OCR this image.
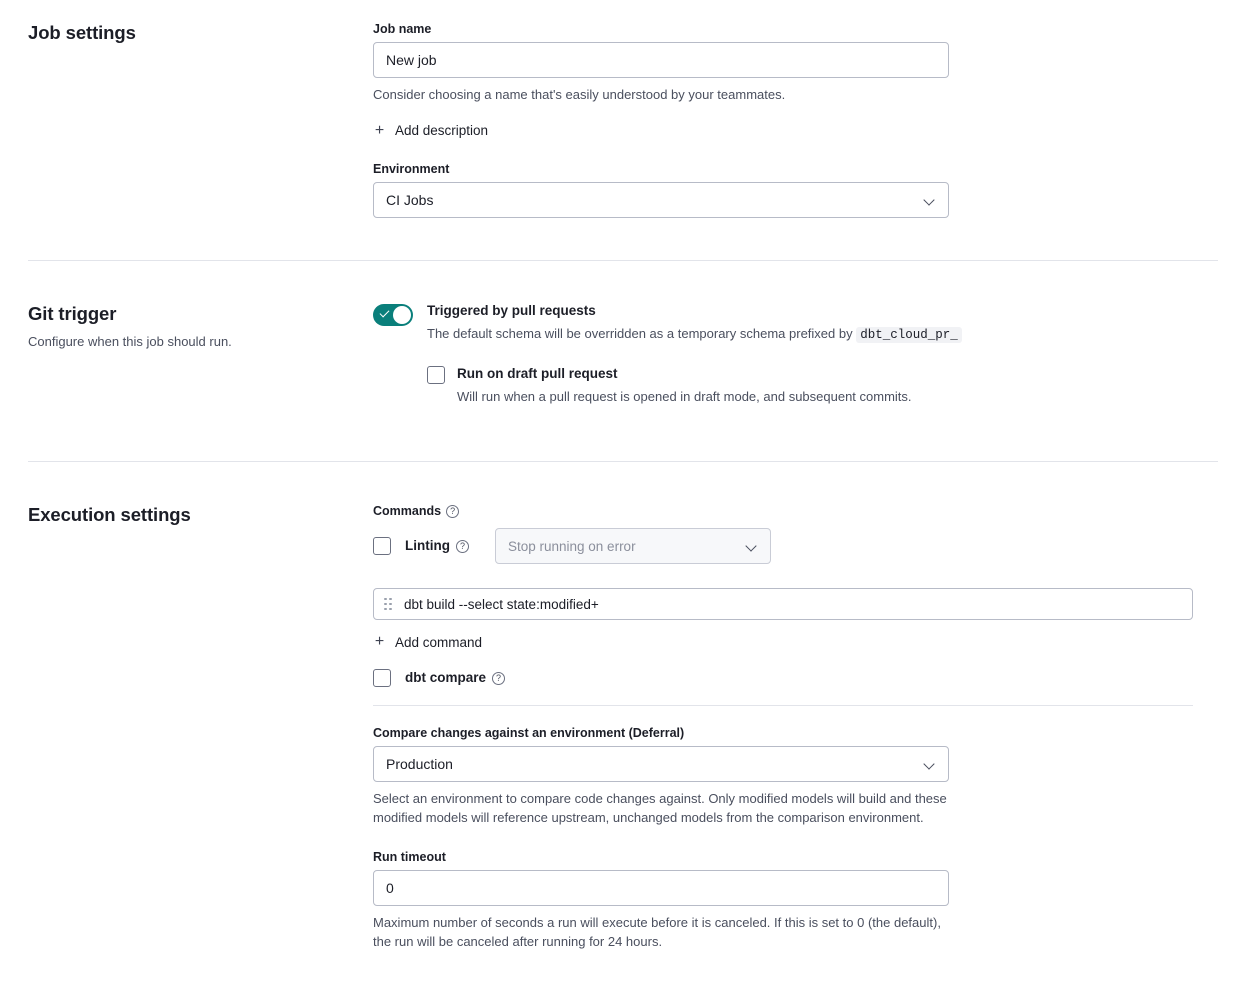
Job settings	Job name
New job
Consider choosing a name that's easily understood by your teammates.
+ Add description
Environment
CI Jobs
Git trigger
Configure when this job should run.
Triggered by pull requests
The default schema will be overridden as a temporary schema prefixed by dbt_cloud_pr_
Run on draft pull request
Will run when a pull request is opened in draft mode, and subsequent commits.
Execution settings	Commands ?
Linting	?	Stop running on error
dbt build --select state:modified+
+ Add command
dbt compare	?
Compare changes against an environment (Deferral)
Production
Select an environment to compare code changes against. Only modified models will build and these modified models will reference upstream, unchanged models from the comparison environment.
Run timeout
0
Maximum number of seconds a run will execute before it is canceled. If this is set to 0 (the default), the run will be canceled after running for 24 hours.
